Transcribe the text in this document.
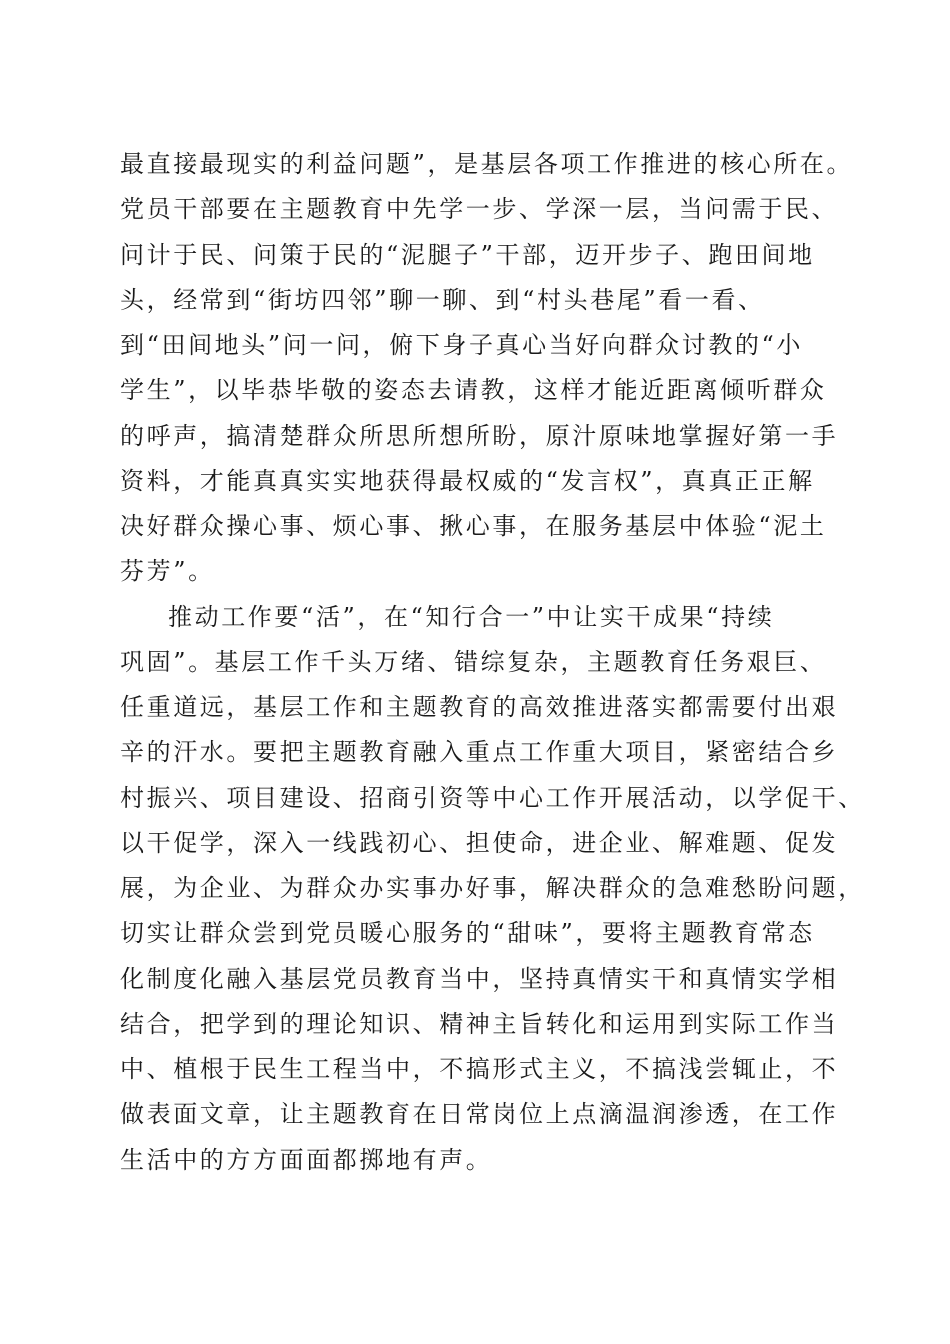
最直接最现实的利益问题”，是基层各项工作推进的核心所在。
党员干部要在主题教育中先学一步、学深一层，当问需于民、
问计于民、问策于民的“泥腿子”干部，迈开步子、跑田间地
头，经常到“街坊四邻”聊一聊、到“村头巷尾”看一看、
到“田间地头”问一问，俯下身子真心当好向群众讨教的“小
学生”，以毕恭毕敬的姿态去请教，这样才能近距离倾听群众
的呼声，搞清楚群众所思所想所盼，原汁原味地掌握好第一手
资料，才能真真实实地获得最权威的“发言权”，真真正正解
决好群众操心事、烦心事、揪心事，在服务基层中体验“泥土
芬芳”。
推动工作要“活”，在“知行合一”中让实干成果“持续
巩固”。基层工作千头万绪、错综复杂，主题教育任务艰巨、
任重道远，基层工作和主题教育的高效推进落实都需要付出艰
辛的汗水。要把主题教育融入重点工作重大项目，紧密结合乡
村振兴、项目建设、招商引资等中心工作开展活动，以学促干、
以干促学，深入一线践初心、担使命，进企业、解难题、促发
展，为企业、为群众办实事办好事，解决群众的急难愁盼问题，
切实让群众尝到党员暖心服务的“甜味”，要将主题教育常态
化制度化融入基层党员教育当中，坚持真情实干和真情实学相
结合，把学到的理论知识、精神主旨转化和运用到实际工作当
中、植根于民生工程当中，不搞形式主义，不搞浅尝辄止，不
做表面文章，让主题教育在日常岗位上点滴温润渗透，在工作
生活中的方方面面都掷地有声。
